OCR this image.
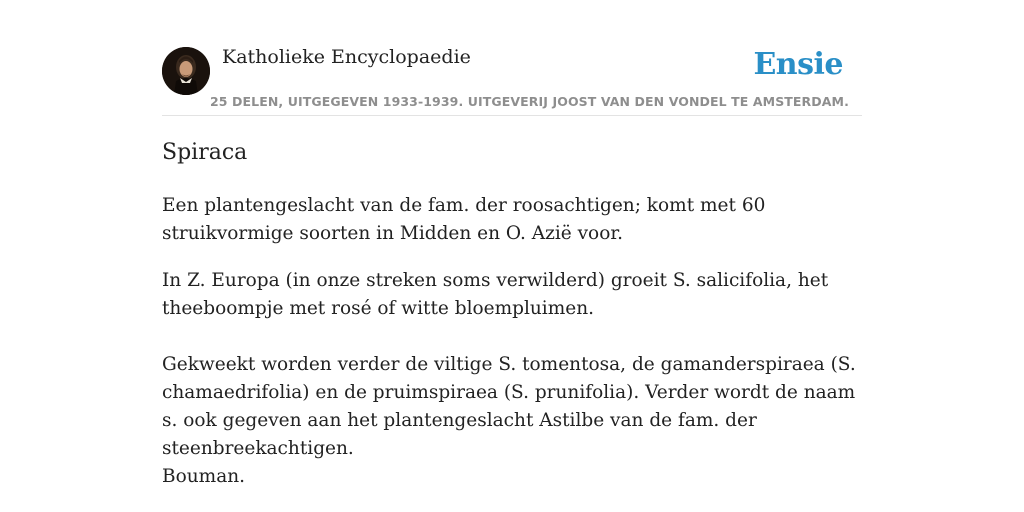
Katholieke Encyclopaedie	Ensie
25 DELEN, UITGEGEVEN 1933-1939. UITGEVERIJ JOOST VAN DEN VONDEL TE AMSTERDAM.
Spiraca

Een plantengeslacht van de fam. der roosachtigen; komt met 60 struikvormige soorten in Midden en O. Azië voor.

In Z. Europa (in onze streken soms verwilderd) groeit S. salicifolia, het theeboompje met rosé of witte bloempluimen.

Gekweekt worden verder de viltige S. tomentosa, de gamanderspiraea (S. chamaedrifolia) en de pruimspiraea (S. prunifolia). Verder wordt de naam s. ook gegeven aan het plantengeslacht Astilbe van de fam. der steenbreekachtigen.

Bouman.
